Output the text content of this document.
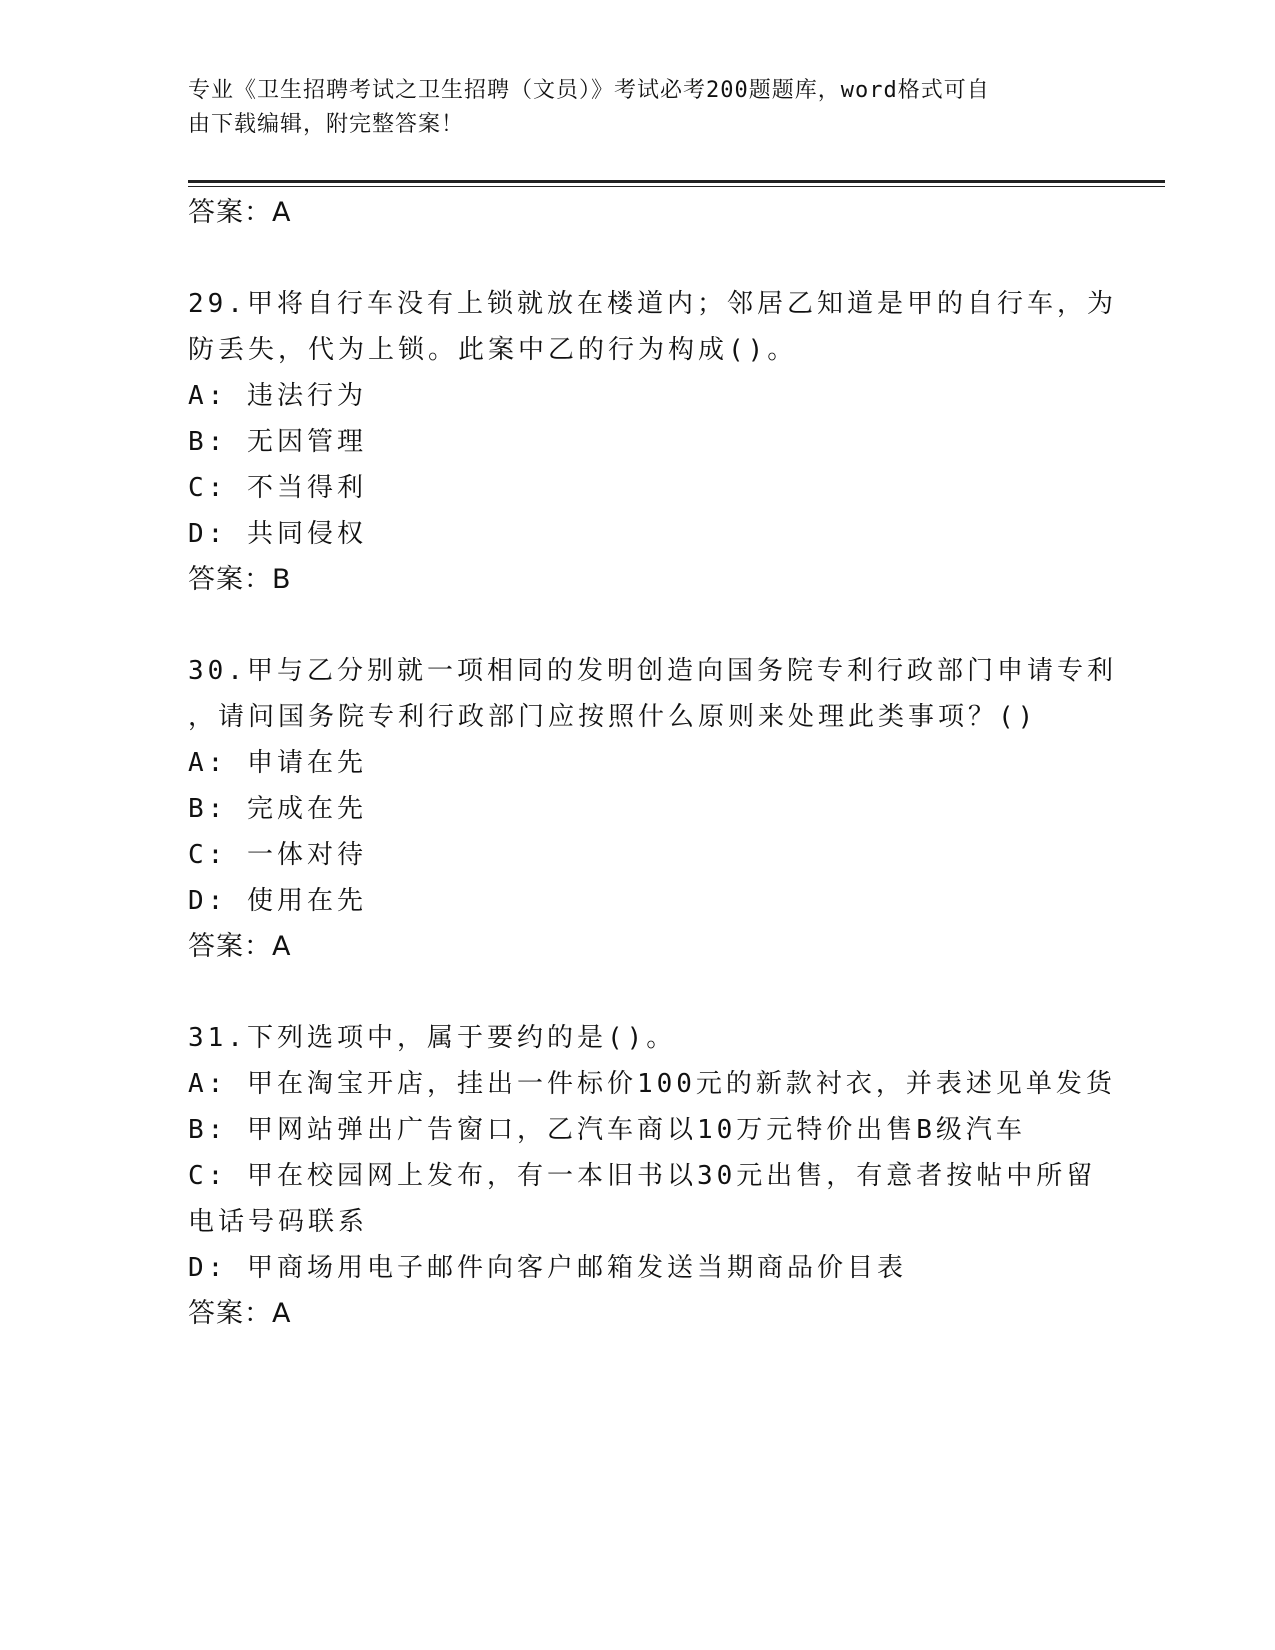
专业《卫生招聘考试之卫生招聘（文员）》考试必考200题题库，word格式可自
由下载编辑，附完整答案！
答案：A
29.甲将自行车没有上锁就放在楼道内；邻居乙知道是甲的自行车，为
防丢失，代为上锁。此案中乙的行为构成()。
A: 违法行为
B: 无因管理
C: 不当得利
D: 共同侵权
答案：B
30.甲与乙分别就一项相同的发明创造向国务院专利行政部门申请专利
，请问国务院专利行政部门应按照什么原则来处理此类事项？()
A: 申请在先
B: 完成在先
C: 一体对待
D: 使用在先
答案：A
31.下列选项中，属于要约的是()。
A: 甲在淘宝开店，挂出一件标价100元的新款衬衣，并表述见单发货
B: 甲网站弹出广告窗口，乙汽车商以10万元特价出售B级汽车
C: 甲在校园网上发布，有一本旧书以30元出售，有意者按帖中所留
电话号码联系
D: 甲商场用电子邮件向客户邮箱发送当期商品价目表
答案：A
